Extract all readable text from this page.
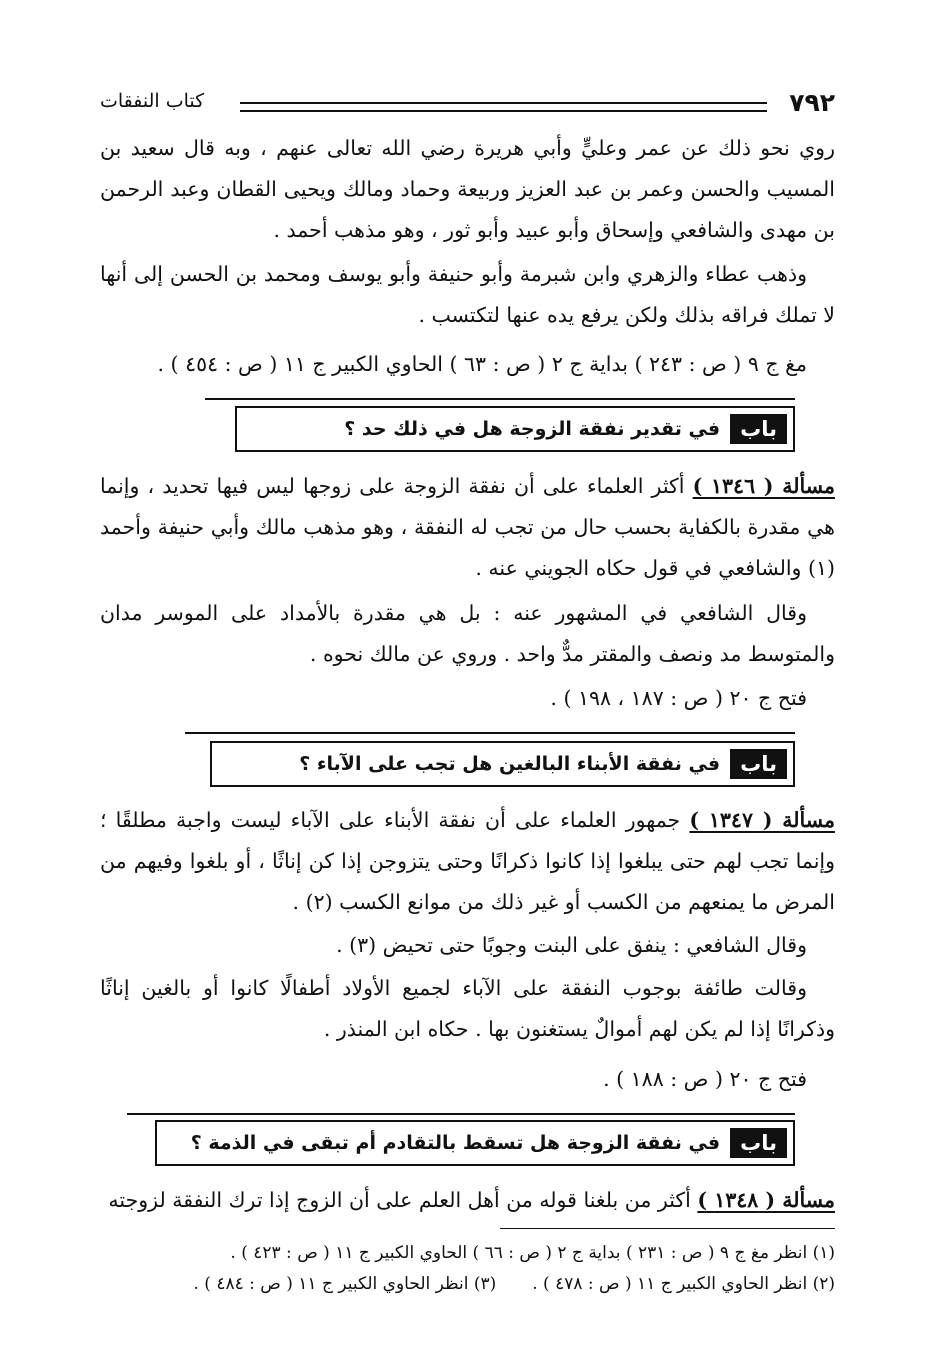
٧٩٢
كتاب النفقات

روي نحو ذلك عن عمر وعليٍّ وأبي هريرة رضي الله تعالى عنهم ، وبه قال سعيد بن المسيب والحسن وعمر بن عبد العزيز وربيعة وحماد ومالك ويحيى القطان وعبد الرحمن بن مهدى والشافعي وإسحاق وأبو عبيد وأبو ثور ، وهو مذهب أحمد .

وذهب عطاء والزهري وابن شبرمة وأبو حنيفة وأبو يوسف ومحمد بن الحسن إلى أنها لا تملك فراقه بذلك ولكن يرفع يده عنها لتكتسب .

مغ ج ٩ ( ص : ٢٤٣ ) بداية ج ٢ ( ص : ٦٣ ) الحاوي الكبير ج ١١ ( ص : ٤٥٤ ) .

باب
في تقدير نفقة الزوجة هل في ذلك حد ؟

مسألة ( ١٣٤٦ ) أكثر العلماء على أن نفقة الزوجة على زوجها ليس فيها تحديد ، وإنما هي مقدرة بالكفاية بحسب حال من تجب له النفقة ، وهو مذهب مالك وأبي حنيفة وأحمد (١) والشافعي في قول حكاه الجويني عنه .

وقال الشافعي في المشهور عنه : بل هي مقدرة بالأمداد على الموسر مدان والمتوسط مد ونصف والمقتر مدٌّ واحد . وروي عن مالك نحوه .

فتح ج ٢٠ ( ص : ١٨٧ ، ١٩٨ ) .

باب
في نفقة الأبناء البالغين هل تجب على الآباء ؟

مسألة ( ١٣٤٧ ) جمهور العلماء على أن نفقة الأبناء على الآباء ليست واجبة مطلقًا ؛ وإنما تجب لهم حتى يبلغوا إذا كانوا ذكرانًا وحتى يتزوجن إذا كن إناثًا ، أو بلغوا وفيهم من المرض ما يمنعهم من الكسب أو غير ذلك من موانع الكسب (٢) .

وقال الشافعي : ينفق على البنت وجوبًا حتى تحيض (٣) .

وقالت طائفة بوجوب النفقة على الآباء لجميع الأولاد أطفالًا كانوا أو بالغين إناثًا وذكرانًا إذا لم يكن لهم أموالٌ يستغنون بها . حكاه ابن المنذر .

فتح ج ٢٠ ( ص : ١٨٨ ) .

باب
في نفقة الزوجة هل تسقط بالتقادم أم تبقى في الذمة ؟

مسألة ( ١٣٤٨ ) أكثر من بلغنا قوله من أهل العلم على أن الزوج إذا ترك النفقة لزوجته

(١) انظر مغ ج ٩ ( ص : ٢٣١ ) بداية ج ٢ ( ص : ٦٦ ) الحاوي الكبير ج ١١ ( ص : ٤٢٣ ) .
(٢) انظر الحاوي الكبير ج ١١ ( ص : ٤٧٨ ) .
(٣) انظر الحاوي الكبير ج ١١ ( ص : ٤٨٤ ) .
